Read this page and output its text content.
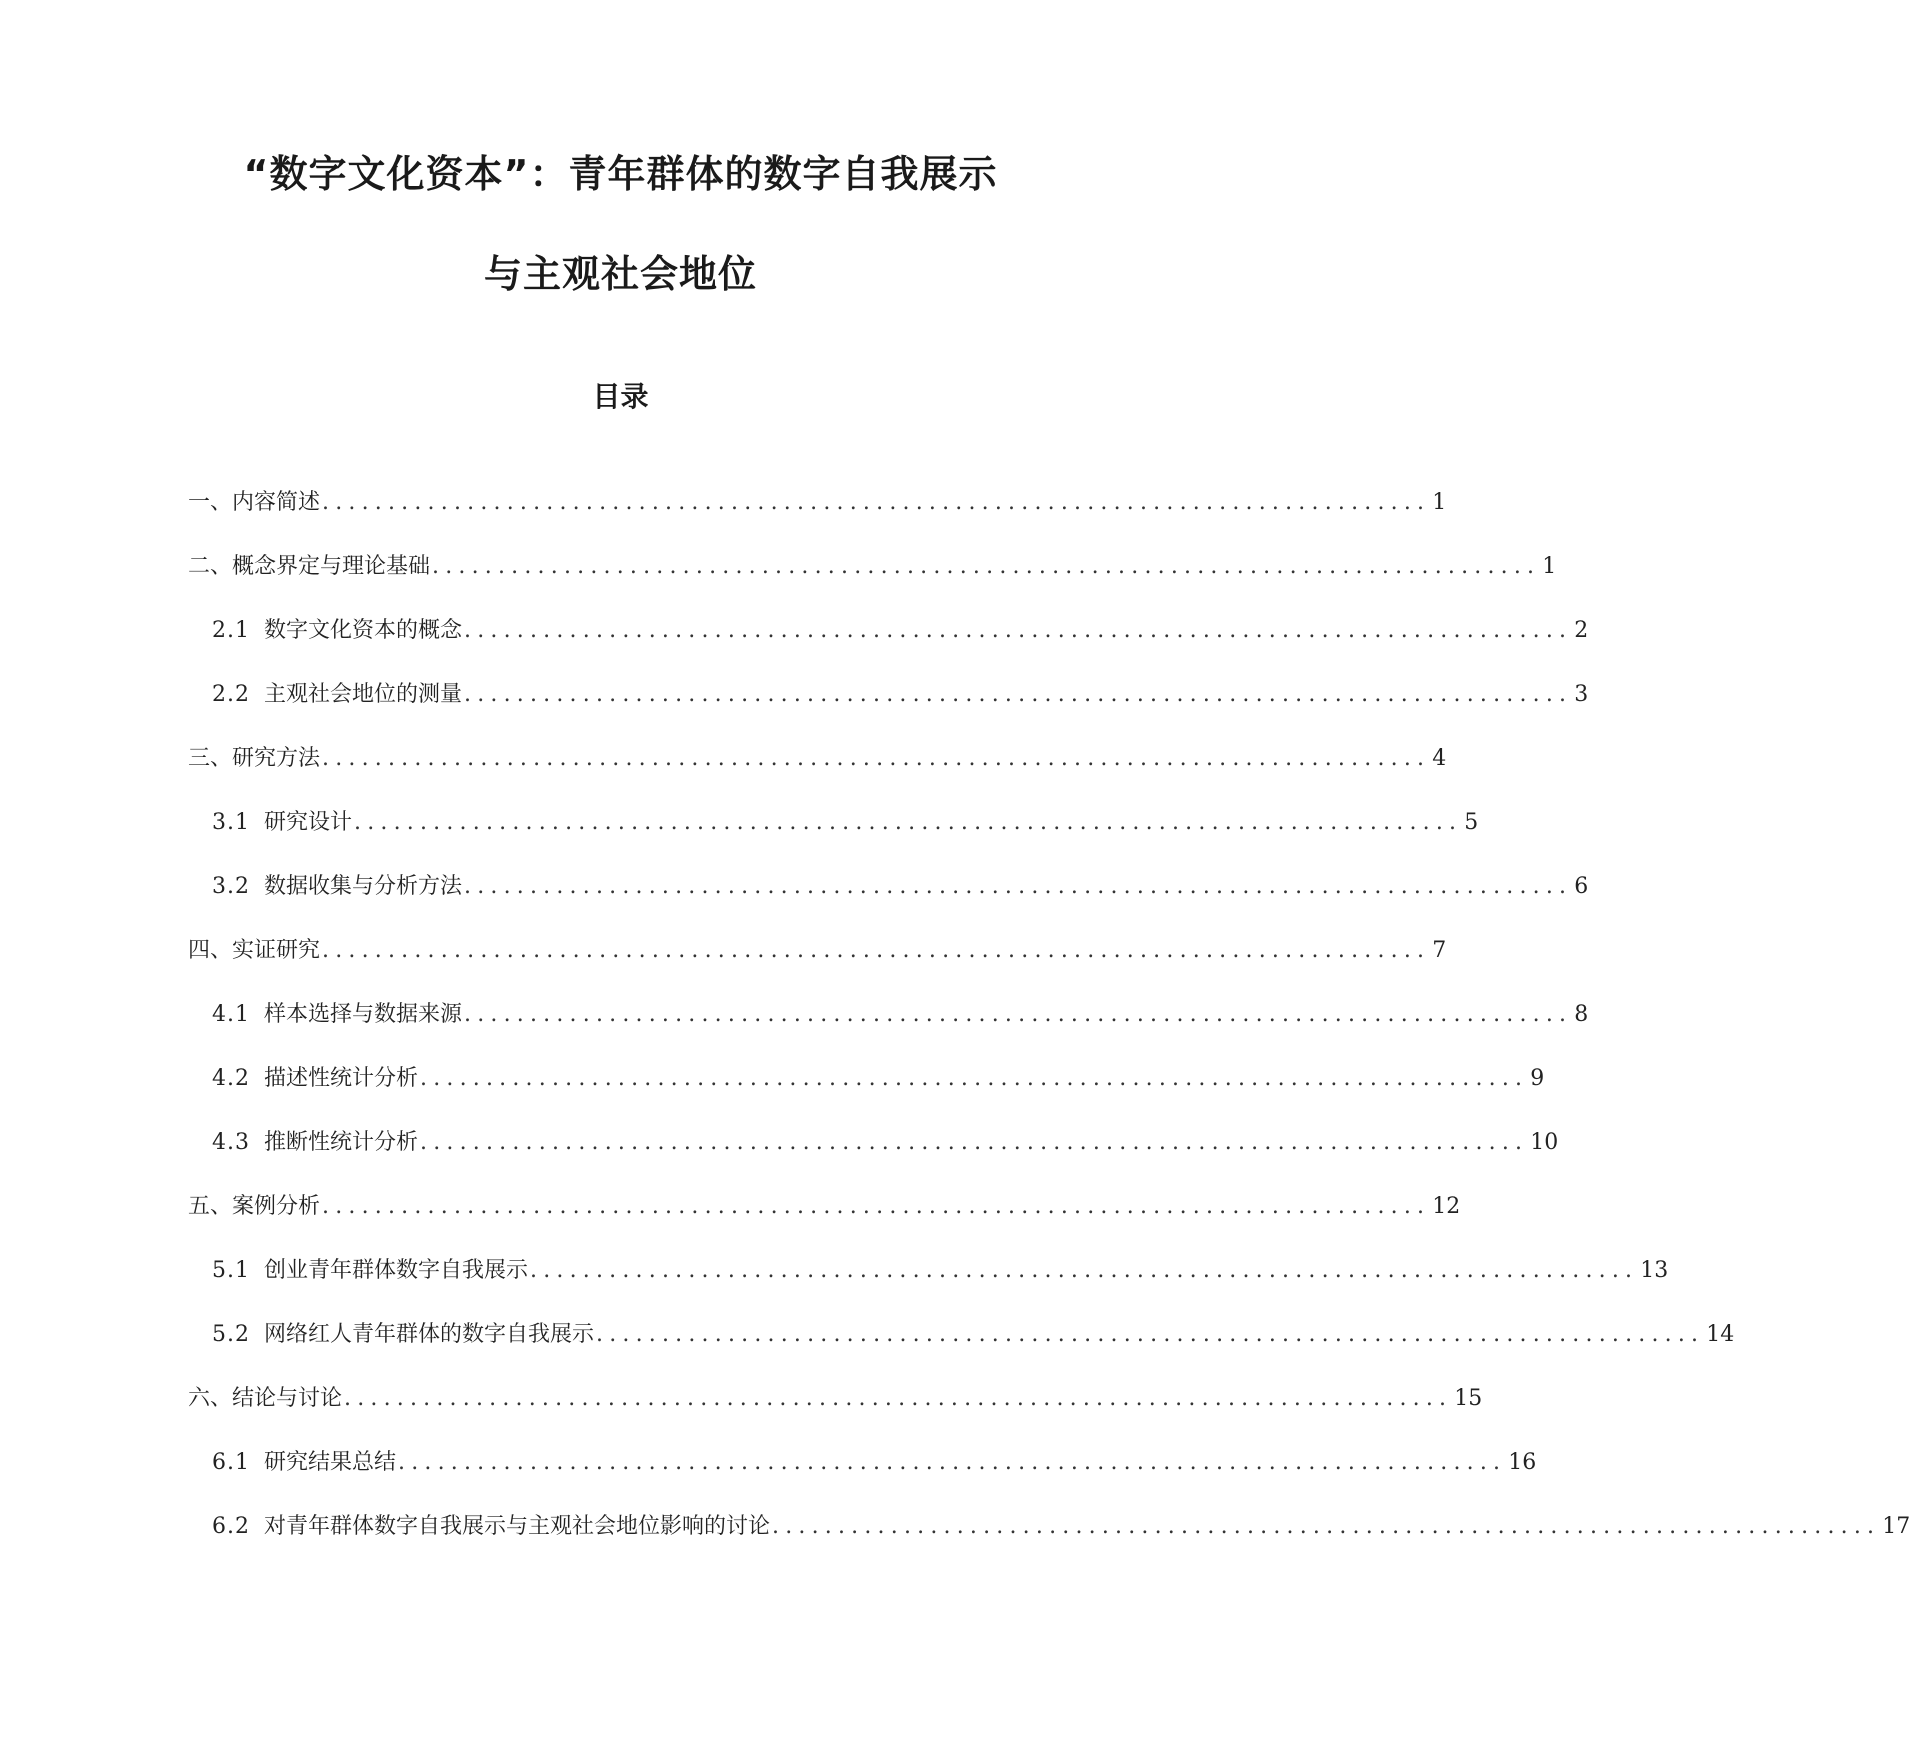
“数字文化资本”：青年群体的数字自我展示
与主观社会地位
目录
一、内容简述 .................................................................................... 1
二、概念界定与理论基础 .................................................................................... 1
2.1 数字文化资本的概念 .................................................................................... 2
2.2 主观社会地位的测量 .................................................................................... 3
三、研究方法 .................................................................................... 4
3.1 研究设计 .................................................................................... 5
3.2 数据收集与分析方法 .................................................................................... 6
四、实证研究 .................................................................................... 7
4.1 样本选择与数据来源 .................................................................................... 8
4.2 描述性统计分析 .................................................................................... 9
4.3 推断性统计分析 .................................................................................... 10
五、案例分析 .................................................................................... 12
5.1 创业青年群体数字自我展示 .................................................................................... 13
5.2 网络红人青年群体的数字自我展示 .................................................................................... 14
六、结论与讨论 .................................................................................... 15
6.1 研究结果总结 .................................................................................... 16
6.2 对青年群体数字自我展示与主观社会地位影响的讨论 .................................................................................... 17
